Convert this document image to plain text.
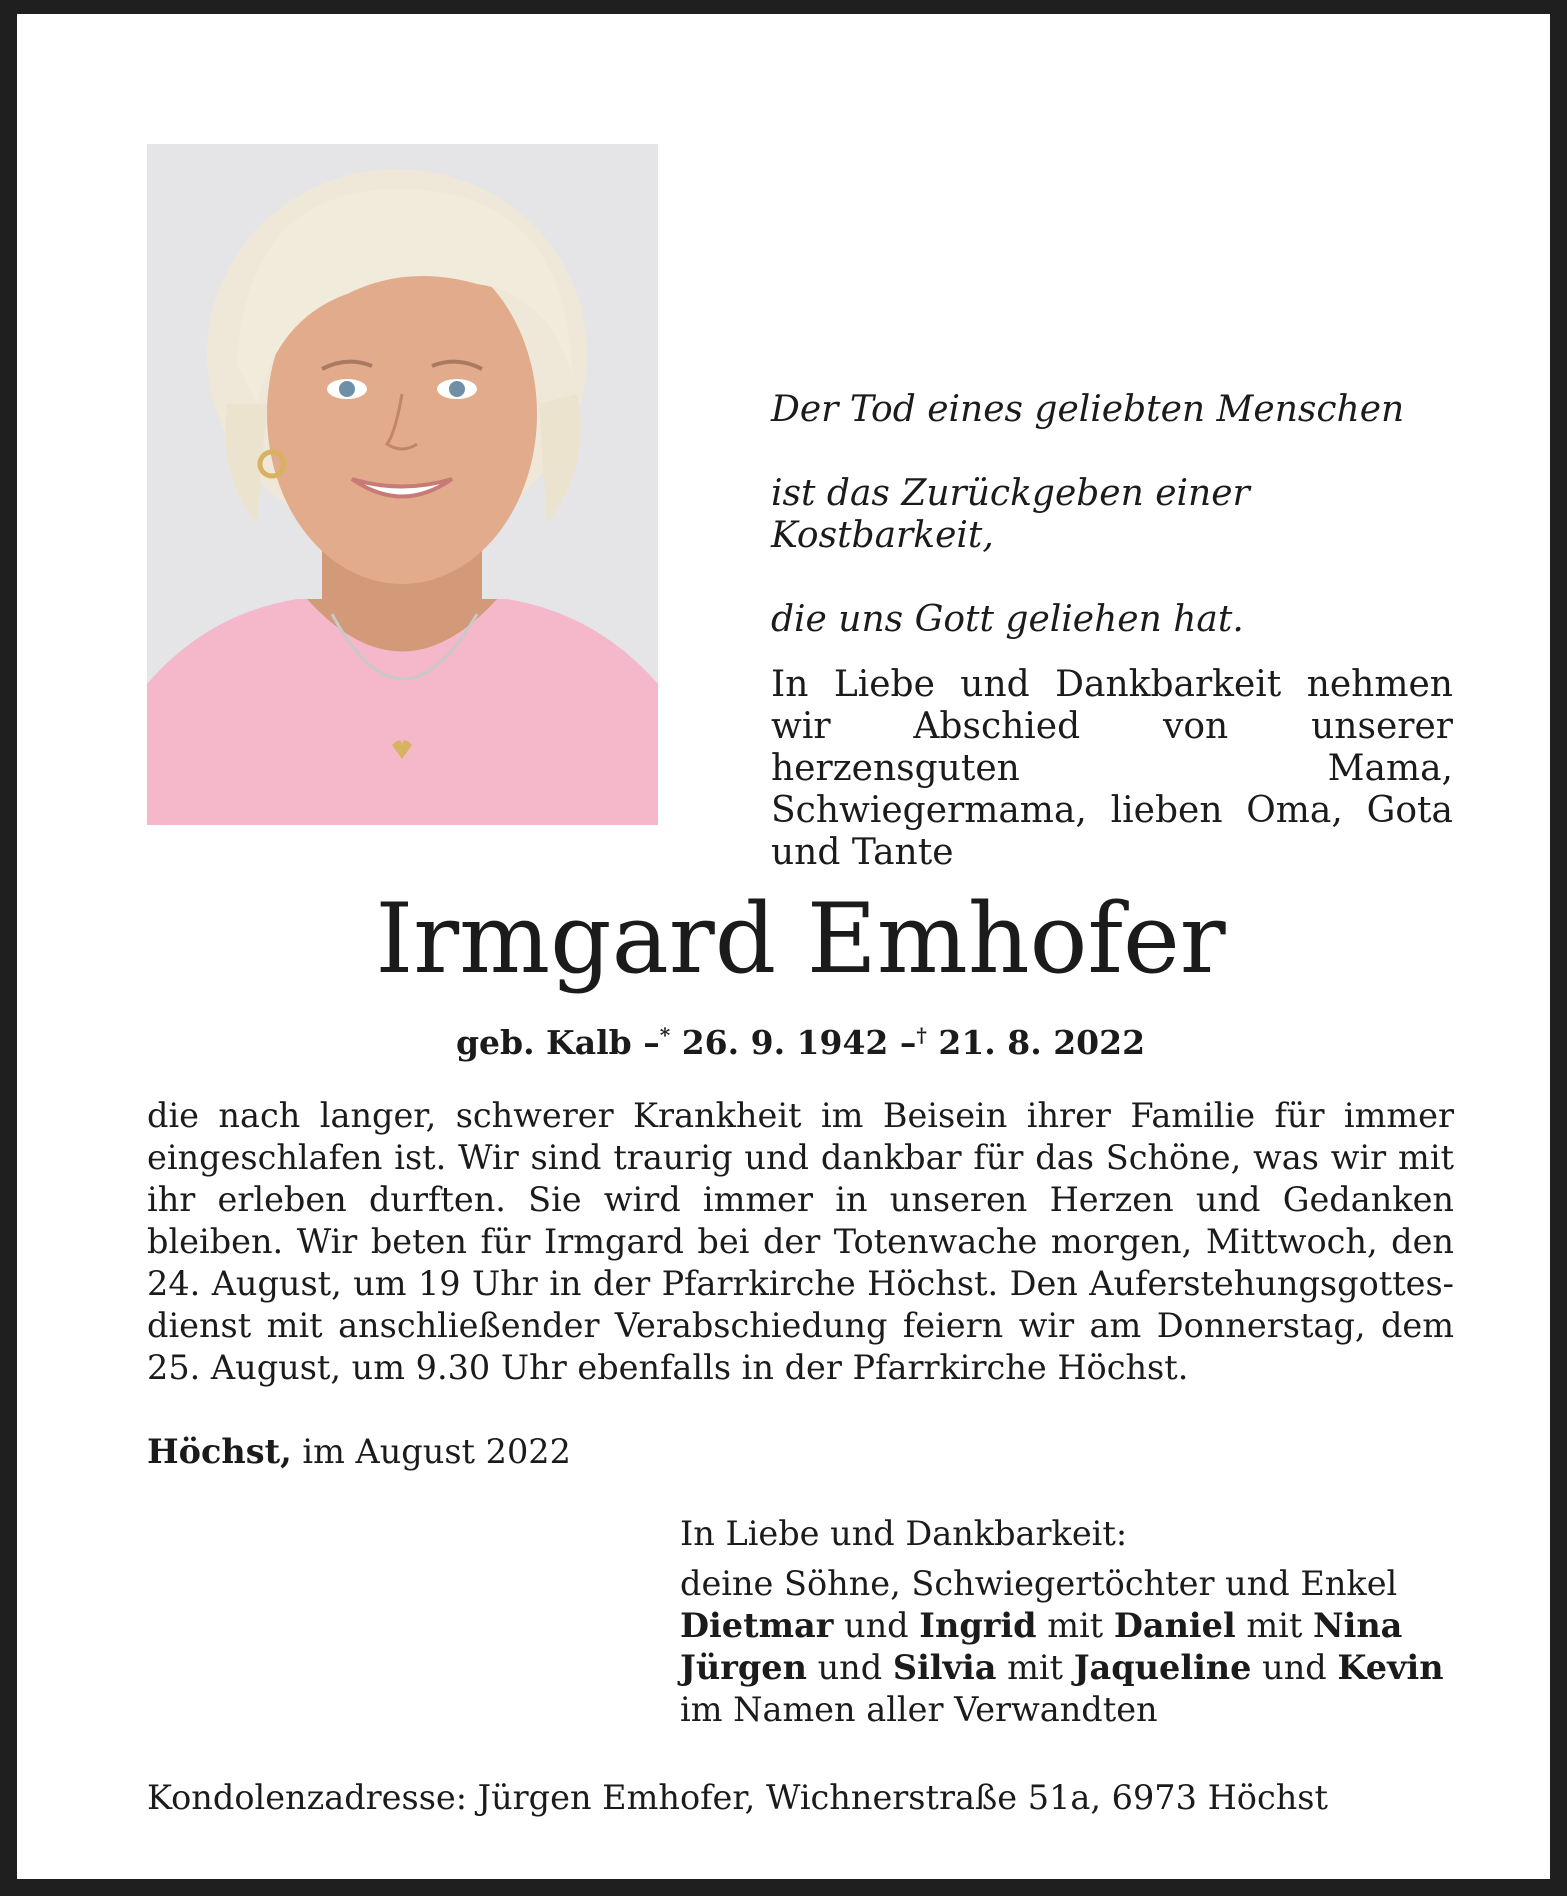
Der Tod eines geliebten Menschen

ist das Zurückgeben einer Kostbarkeit,

die uns Gott geliehen hat.

In Liebe und Dankbarkeit nehmen wir Abschied von unserer herzensguten Mama, Schwiegermama, lieben Oma, Gota und Tante
Irmgard Emhofer
geb. Kalb –* 26. 9. 1942 –† 21. 8. 2022
die nach langer, schwerer Krankheit im Beisein ihrer Familie für immer eingeschlafen ist. Wir sind traurig und dankbar für das Schöne, was wir mit ihr erleben durften. Sie wird immer in unseren Herzen und Gedanken bleiben. Wir beten für Irmgard bei der Totenwache morgen, Mittwoch, den 24. August, um 19 Uhr in der Pfarrkirche Höchst. Den Auferstehungsgottes-dienst mit anschließender Verabschiedung feiern wir am Donnerstag, dem 25. August, um 9.30 Uhr ebenfalls in der Pfarrkirche Höchst.
Höchst, im August 2022
In Liebe und Dankbarkeit:
deine Söhne, Schwiegertöchter und Enkel
Dietmar und Ingrid mit Daniel mit Nina
Jürgen und Silvia mit Jaqueline und Kevin
im Namen aller Verwandten
Kondolenzadresse: Jürgen Emhofer, Wichnerstraße 51a, 6973 Höchst
